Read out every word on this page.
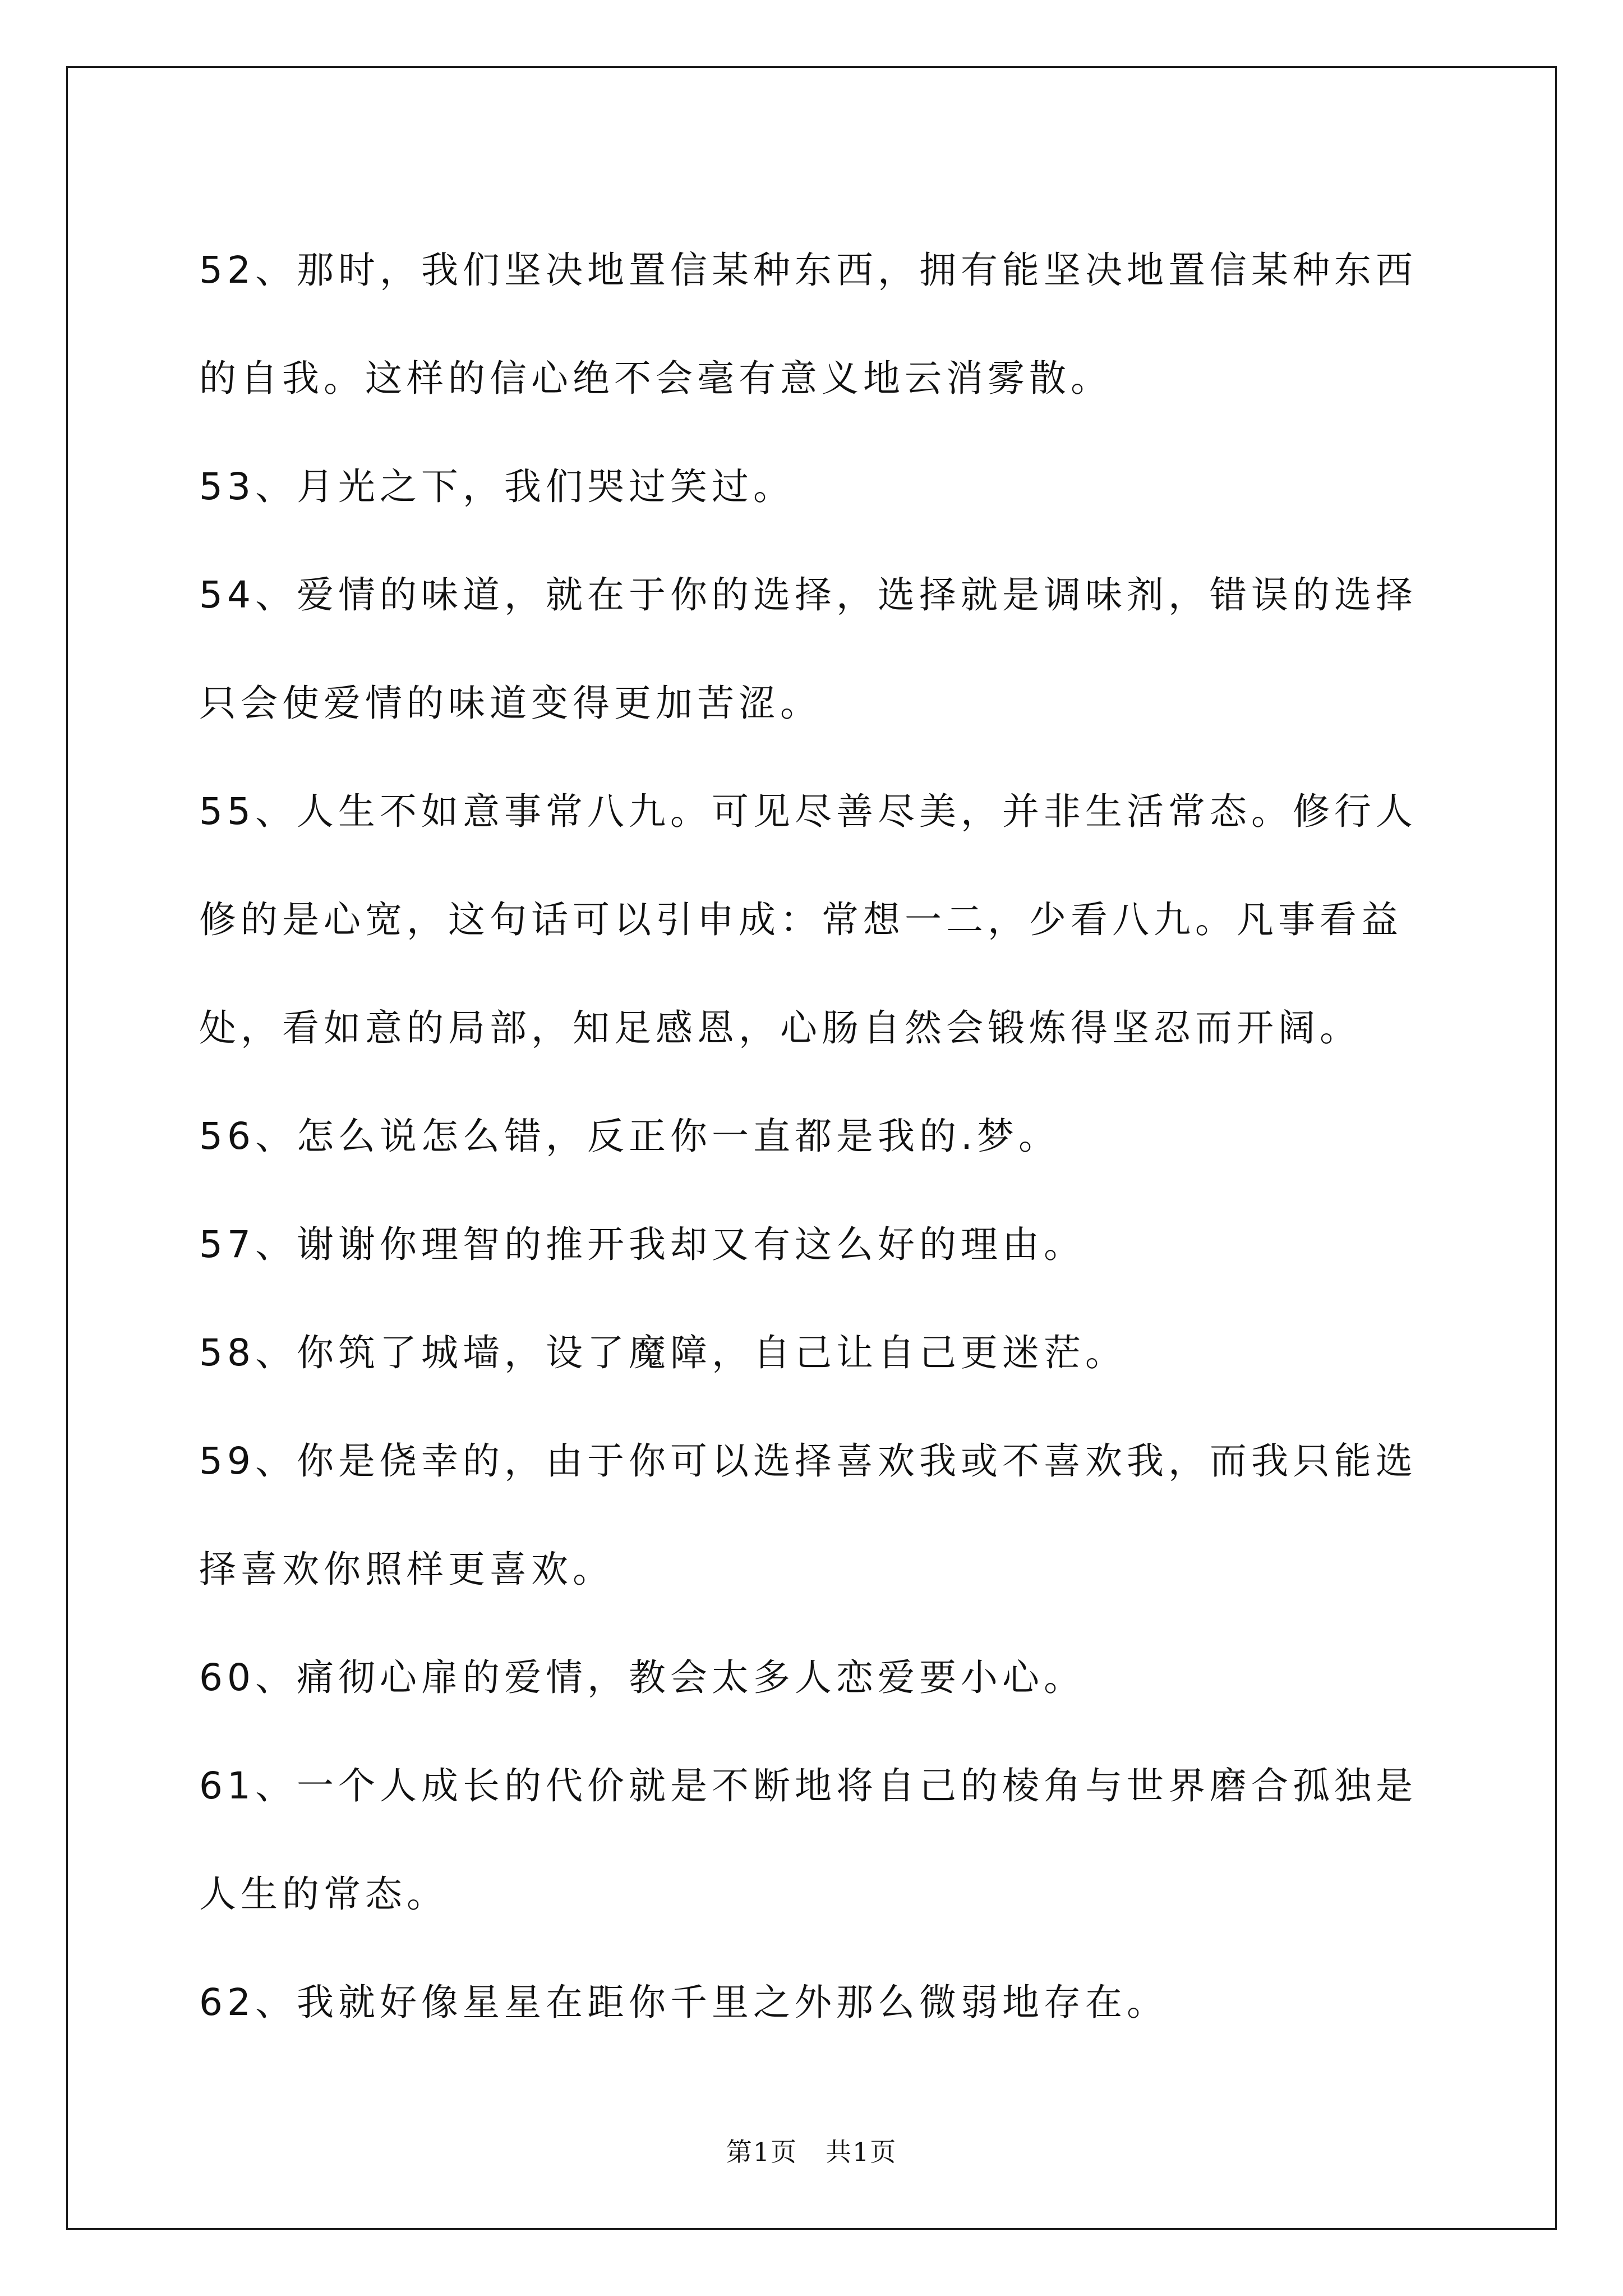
52、那时，我们坚决地置信某种东西，拥有能坚决地置信某种东西的自我。这样的信心绝不会毫有意义地云消雾散。

53、月光之下，我们哭过笑过。

54、爱情的味道，就在于你的选择，选择就是调味剂，错误的选择只会使爱情的味道变得更加苦涩。

55、人生不如意事常八九。可见尽善尽美，并非生活常态。修行人修的是心宽，这句话可以引申成：常想一二，少看八九。凡事看益处，看如意的局部，知足感恩，心肠自然会锻炼得坚忍而开阔。

56、怎么说怎么错，反正你一直都是我的.梦。

57、谢谢你理智的推开我却又有这么好的理由。

58、你筑了城墙，设了魔障，自己让自己更迷茫。

59、你是侥幸的，由于你可以选择喜欢我或不喜欢我，而我只能选择喜欢你照样更喜欢。

60、痛彻心扉的爱情，教会太多人恋爱要小心。

61、一个人成长的代价就是不断地将自己的棱角与世界磨合孤独是人生的常态。

62、我就好像星星在距你千里之外那么微弱地存在。

第1页 共1页
